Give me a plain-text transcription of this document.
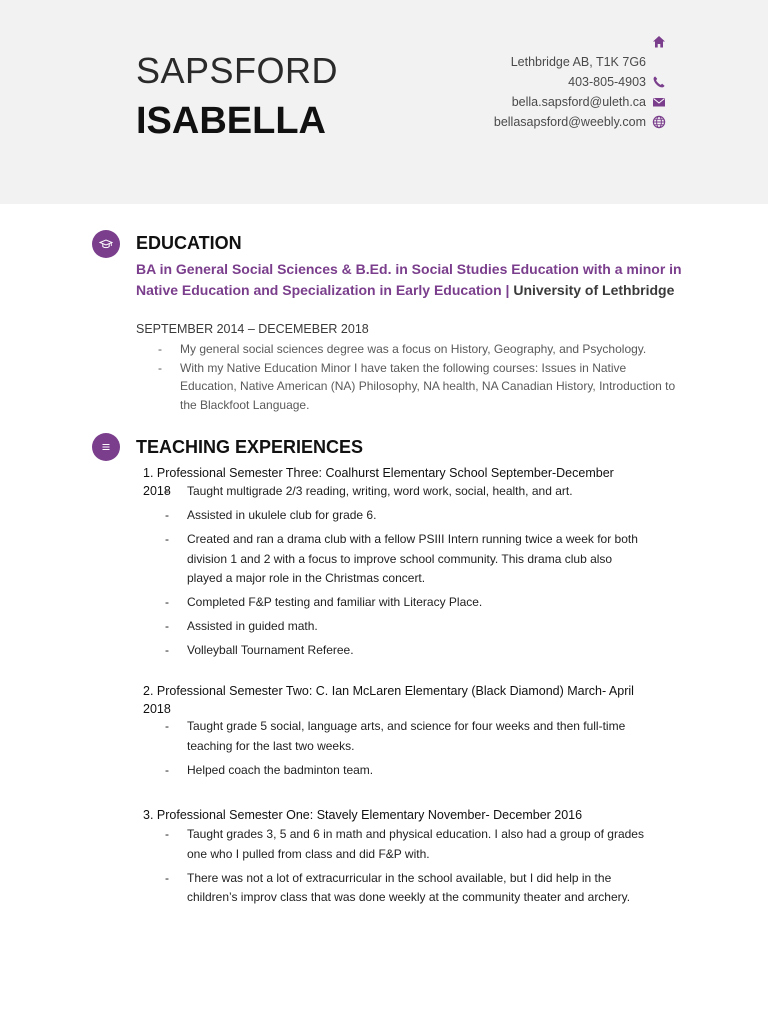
SAPSFORD
ISABELLA
Lethbridge AB, T1K 7G6
403-805-4903
bella.sapsford@uleth.ca
bellasapsford@weebly.com
EDUCATION
BA in General Social Sciences & B.Ed. in Social Studies Education with a minor in Native Education and Specialization in Early Education | University of Lethbridge
SEPTEMBER 2014 – DECEMEBER 2018
- My general social sciences degree was a focus on History, Geography, and Psychology.
- With my Native Education Minor I have taken the following courses: Issues in Native Education, Native American (NA) Philosophy, NA health, NA Canadian History, Introduction to the Blackfoot Language.
TEACHING EXPERIENCES
1. Professional Semester Three: Coalhurst Elementary School September-December 2018
-	Taught multigrade 2/3 reading, writing, word work, social, health, and art.
- Assisted in ukulele club for grade 6.
- Created and ran a drama club with a fellow PSIII Intern running twice a week for both division 1 and 2 with a focus to improve school community. This drama club also played a major role in the Christmas concert.
- Completed F&P testing and familiar with Literacy Place.
- Assisted in guided math.
- Volleyball Tournament Referee.
2. Professional Semester Two: C. Ian McLaren Elementary (Black Diamond) March- April 2018
- Taught grade 5 social, language arts, and science for four weeks and then full-time teaching for the last two weeks.
- Helped coach the badminton team.
3. Professional Semester One: Stavely Elementary November- December 2016
- Taught grades 3, 5 and 6 in math and physical education. I also had a group of grades one who I pulled from class and did F&P with.
- There was not a lot of extracurricular in the school available, but I did help in the children’s improv class that was done weekly at the community theater and archery.
